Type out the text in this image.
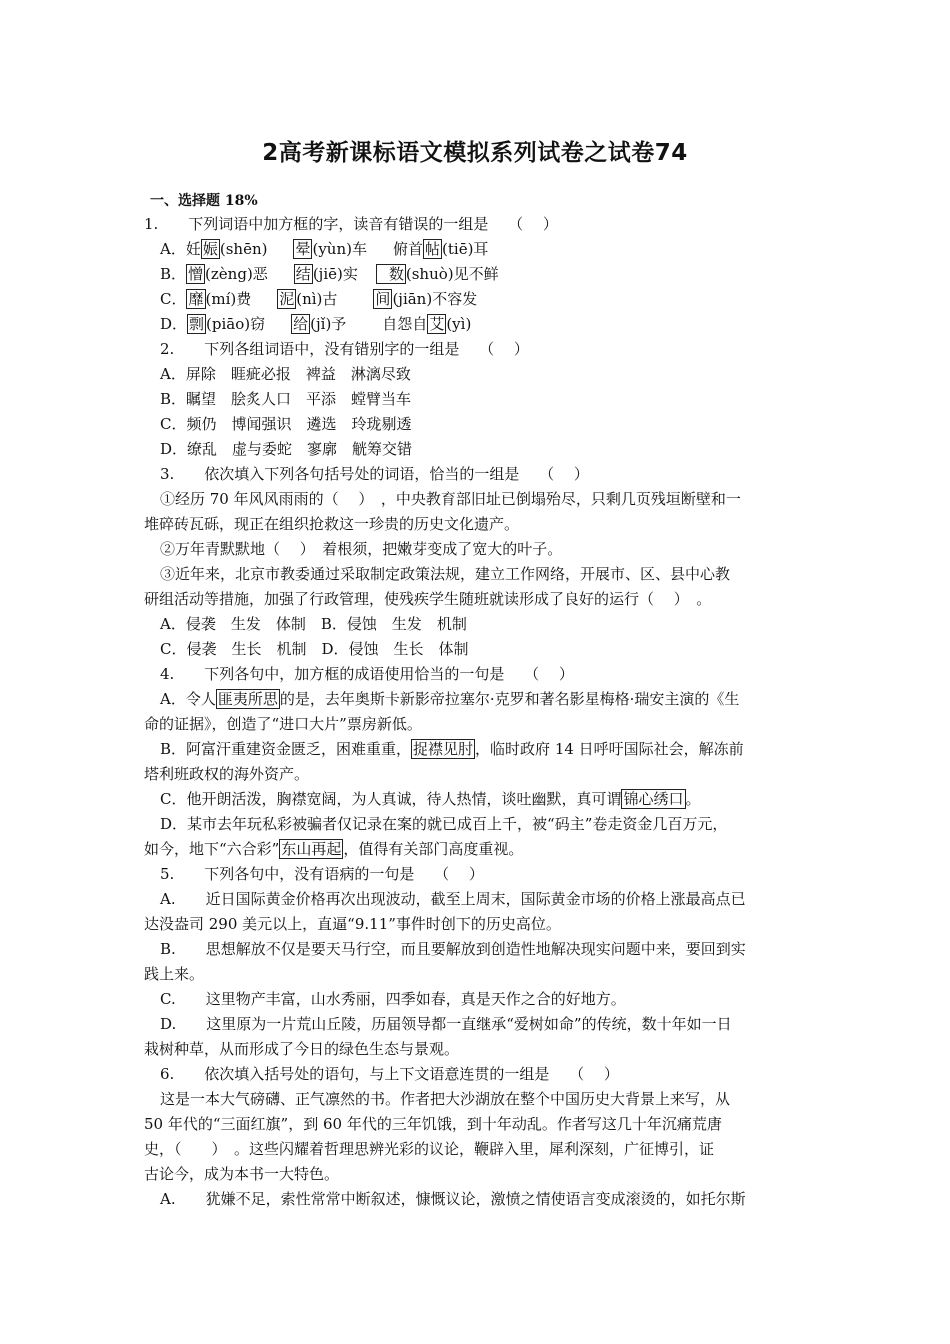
2高考新课标语文模拟系列试卷之试卷74
一、选择题 18%
1.　　下列词语中加方框的字，读音有错误的一组是　 （　 ）
A．妊 娠 (shēn) 晕 (yùn)车 俯首 帖 (tiē)耳
B． 憎 (zèng)恶 结 (jiē)实 数 (shuò)见不鲜
C． 靡 (mí)费 泥 (nì)古	间 (jiān)不容发
D． 剽 (piāo)窃 给 (jǐ)予 自怨自 艾 (yì)
2.　　下列各组词语中，没有错别字的一组是　 （　 ）
A．屏除　睚疵必报　裨益　淋漓尽致
B．瞩望　脍炙人口　平添　螳臂当车
C．频仍　博闻强识　遴选　玲珑剔透
D．缭乱　虚与委蛇　寥廓　觥筹交错
3.　　依次填入下列各句括号处的词语，恰当的一组是　 （　 ）
①经历 70 年风风雨雨的（　 ）　，中央教育部旧址已倒塌殆尽，只剩几页残垣断壁和一
堆碎砖瓦砾，现正在组织抢救这一珍贵的历史文化遗产。
②万年青默默地（　 ）　着根须，把嫩芽变成了宽大的叶子。
③近年来，北京市教委通过采取制定政策法规，建立工作网络，开展市、区、县中心教
研组活动等措施，加强了行政管理，使残疾学生随班就读形成了良好的运行（　 ）　。
A．侵袭　生发　体制　B．侵蚀　生发　机制
C．侵袭　生长　机制　D．侵蚀　生长　体制
4.　　下列各句中，加方框的成语使用恰当的一句是　 （　 ）
A．令人 匪夷所思 的是，去年奥斯卡新影帝拉塞尔·克罗和著名影星梅格·瑞安主演的《生
命的证据》，创造了“进口大片”票房新低。
B．阿富汗重建资金匮乏，困难重重， 捉襟见肘 ，临时政府 14 日呼吁国际社会，解冻前
塔利班政权的海外资产。
C．他开朗活泼，胸襟宽阔，为人真诚，待人热情，谈吐幽默，真可谓 锦心绣口 。
D．某市去年玩私彩被骗者仅记录在案的就已成百上千，被“码主”卷走资金几百万元，
如今，地下“六合彩” 东山再起 ，值得有关部门高度重视。
5.　　下列各句中，没有语病的一句是　 （　 ）
A.　　近日国际黄金价格再次出现波动，截至上周末，国际黄金市场的价格上涨最高点已
达没盎司 290 美元以上，直逼“9.11”事件时创下的历史高位。
B.　　思想解放不仅是要天马行空，而且要解放到创造性地解决现实问题中来，要回到实
践上来。
C.　　这里物产丰富，山水秀丽，四季如春，真是天作之合的好地方。
D.　　这里原为一片荒山丘陵，历届领导都一直继承“爱树如命”的传统，数十年如一日
栽树种草，从而形成了今日的绿色生态与景观。
6.　　依次填入括号处的语句，与上下文语意连贯的一组是　 （　 ）
这是一本大气磅礴、正气凛然的书。作者把大沙湖放在整个中国历史大背景上来写，从
50 年代的“三面红旗”，到 60 年代的三年饥饿，到十年动乱。作者写这几十年沉痛荒唐
史，（　　）　。这些闪耀着哲理思辨光彩的议论，鞭辟入里，犀利深刻，广征博引，证
古论今，成为本书一大特色。
A.　　犹嫌不足，索性常常中断叙述，慷慨议论，激愤之情使语言变成滚烫的，如托尔斯
